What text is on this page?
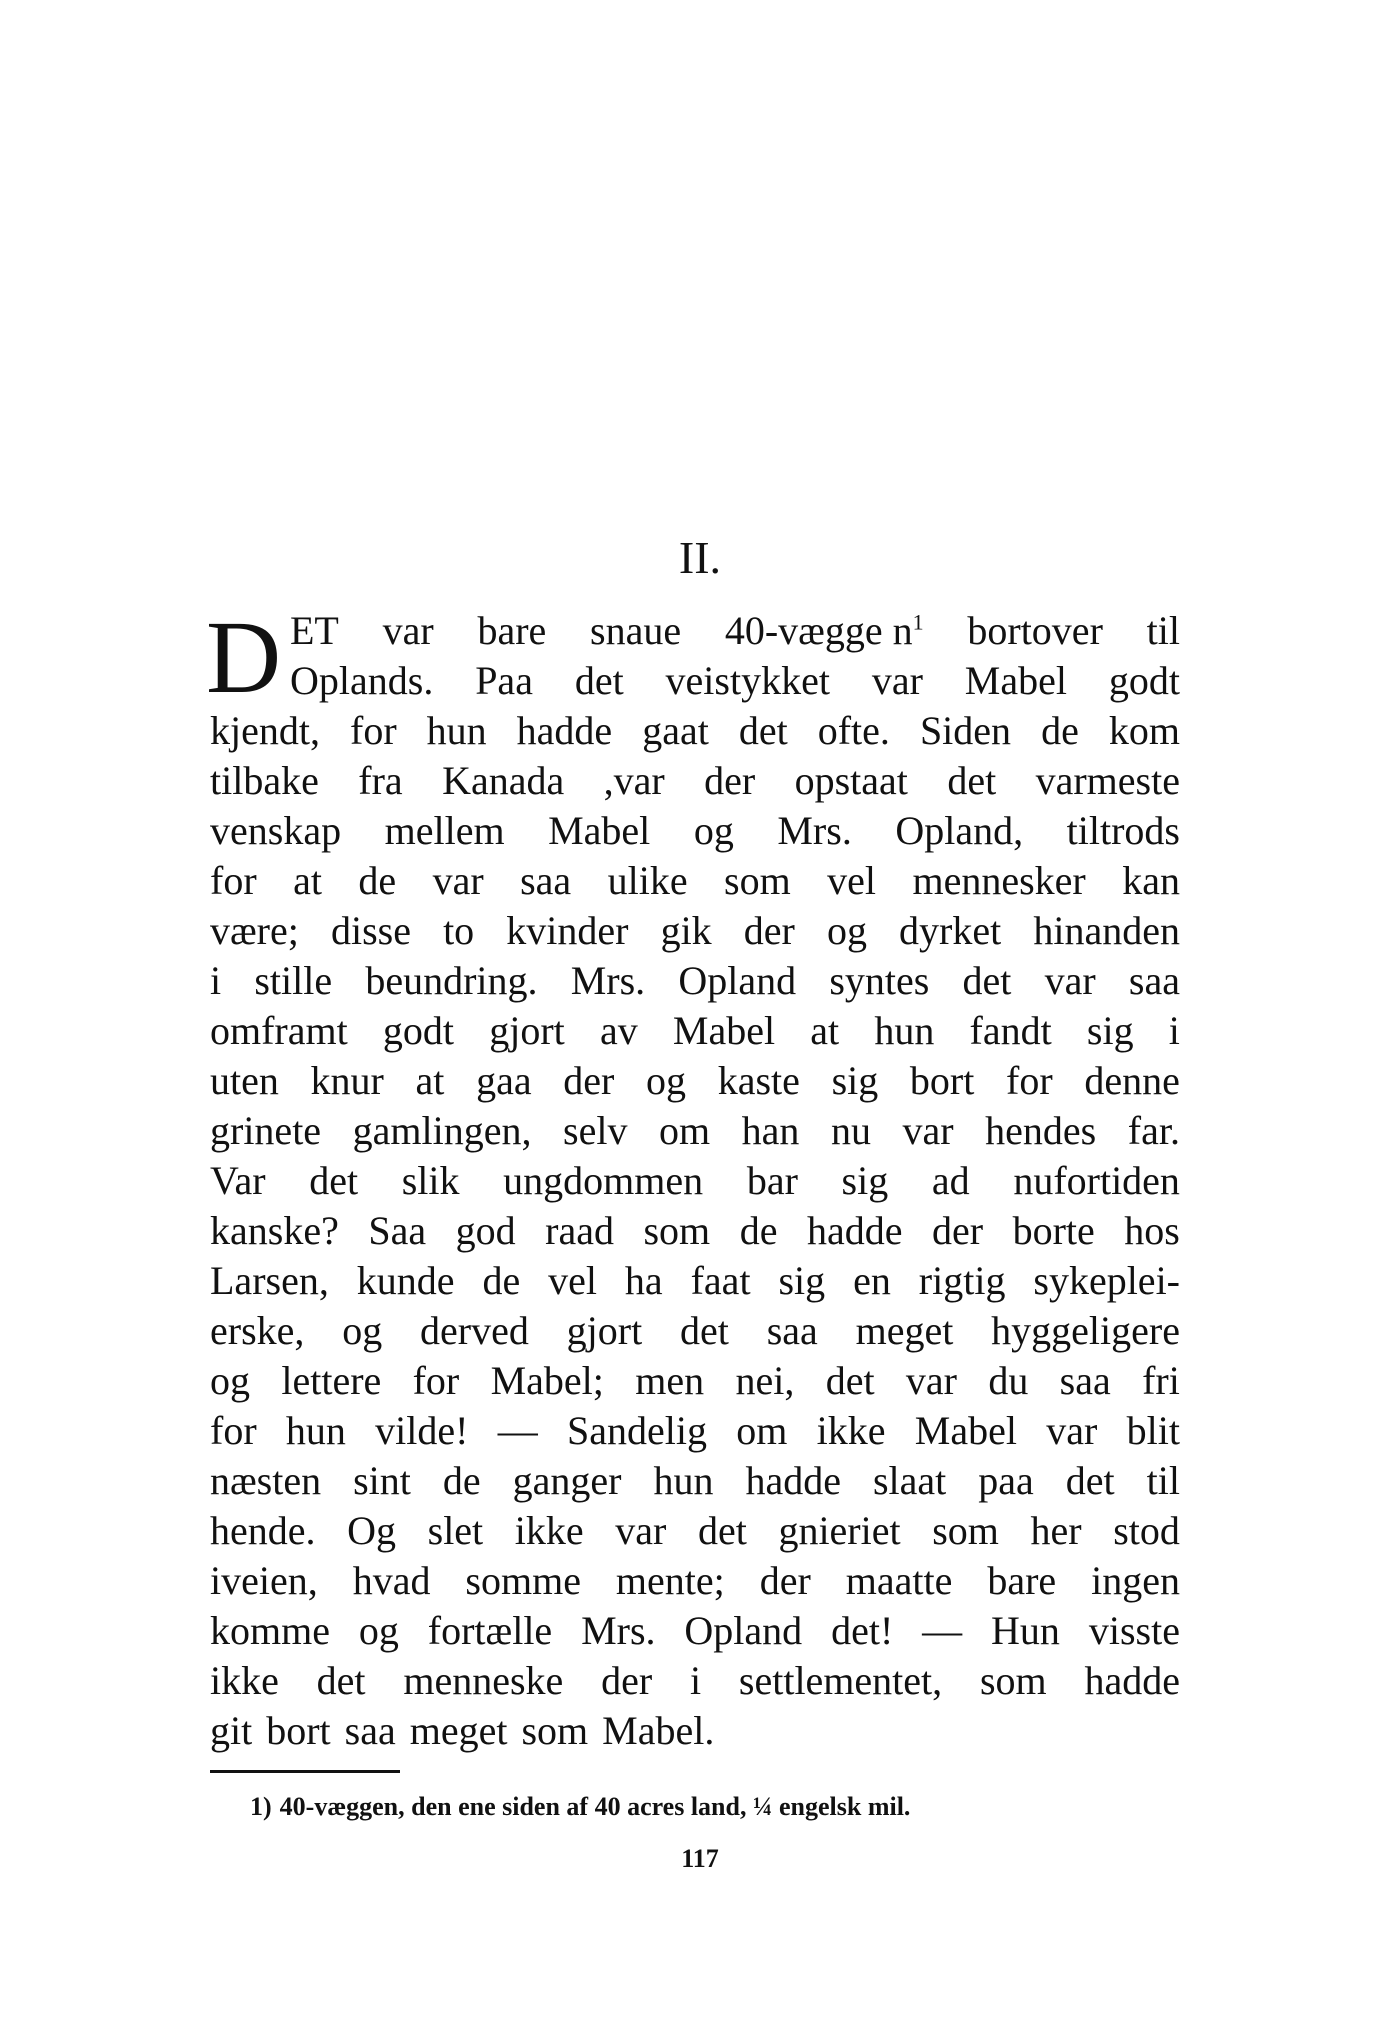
II.
D ET var bare snaue 40-vægge $n^1$ bortover til
Oplands. Paa det veistykket var Mabel godt
kjendt, for hun hadde gaat det ofte. Siden de kom
tilbake fra Kanada ,var der opstaat det varmeste
venskap mellem Mabel og Mrs. Opland, tiltrods
for at de var saa ulike som vel mennesker kan
være; disse to kvinder gik der og dyrket hinanden
i stille beundring. Mrs. Opland syntes det var saa
omframt godt gjort av Mabel at hun fandt sig i
uten knur at gaa der og kaste sig bort for denne
grinete gamlingen, selv om han nu var hendes far.
Var det slik ungdommen bar sig ad nufortiden
kanske? Saa god raad som de hadde der borte hos
Larsen, kunde de vel ha faat sig en rigtig sykeplei-
erske, og derved gjort det saa meget hyggeligere
og lettere for Mabel; men nei, det var du saa fri
for hun vilde! — Sandelig om ikke Mabel var blit
næsten sint de ganger hun hadde slaat paa det til
hende. Og slet ikke var det gnieriet som her stod
iveien, hvad somme mente; der maatte bare ingen
komme og fortælle Mrs. Opland det! — Hun visste
ikke det menneske der i settlementet, som hadde
git bort saa meget som Mabel.
1) 40-væggen, den ene siden af 40 acres land, ¼ engelsk mil.
117
